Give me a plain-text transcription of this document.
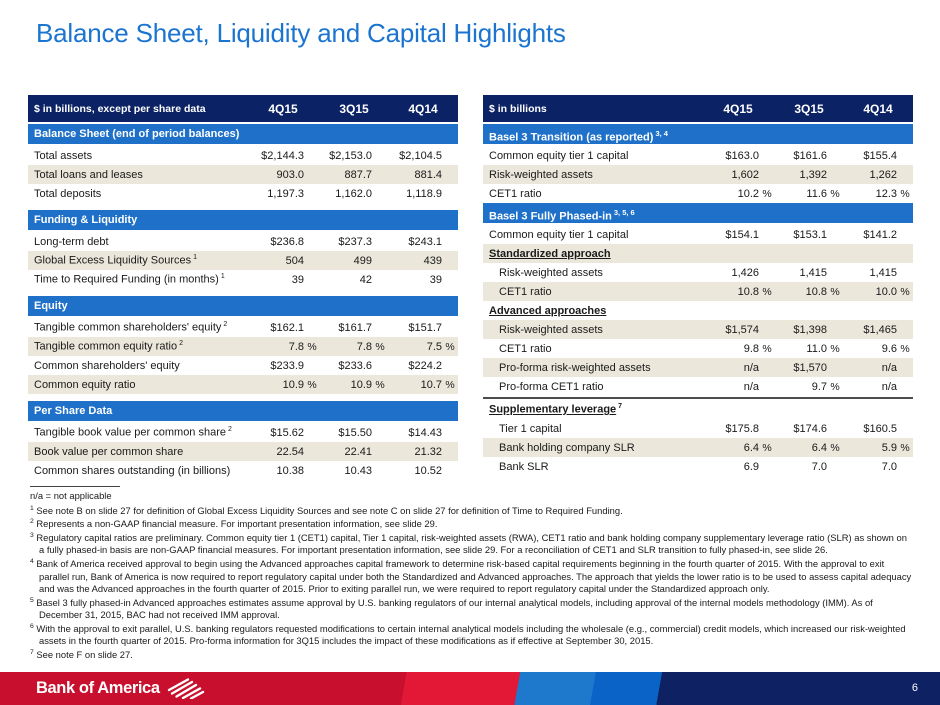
Balance Sheet, Liquidity and Capital Highlights
$ in billions, except per share data	4Q15	3Q15	4Q14
Balance Sheet (end of period balances)
Total assets	$2,144.3	$2,153.0	$2,104.5
Total loans and leases	903.0	887.7	881.4
Total deposits	1,197.3	1,162.0	1,118.9
Funding & Liquidity
Long-term debt	$236.8	$237.3	$243.1
Global Excess Liquidity Sources $^1$	504	499	439
Time to Required Funding (in months) $^1$	39	42	39
Equity
Tangible common shareholders' equity $^2$	$162.1	$161.7	$151.7
Tangible common equity ratio $^2$	7.8 %	7.8 %	7.5 %
Common shareholders' equity	$233.9	$233.6	$224.2
Common equity ratio	10.9 %	10.9 %	10.7 %
Per Share Data
Tangible book value per common share $^2$	$15.62	$15.50	$14.43
Book value per common share	22.54	22.41	21.32
Common shares outstanding (in billions)	10.38	10.43	10.52
$ in billions	4Q15	3Q15	4Q14
Basel 3 Transition (as reported) $^{3, 4}$
Common equity tier 1 capital	$163.0	$161.6	$155.4
Risk-weighted assets	1,602	1,392	1,262
CET1 ratio	10.2 %	11.6 %	12.3 %
Basel 3 Fully Phased-in $^{3, 5, 6}$
Common equity tier 1 capital	$154.1	$153.1	$141.2
Standardized approach
Risk-weighted assets	1,426	1,415	1,415
CET1 ratio	10.8 %	10.8 %	10.0 %
Advanced approaches
Risk-weighted assets	$1,574	$1,398	$1,465
CET1 ratio	9.8 %	11.0 %	9.6 %
Pro-forma risk-weighted assets	n/a	$1,570	n/a
Pro-forma CET1 ratio	n/a	9.7 %	n/a
Supplementary leverage $^7$
Tier 1 capital	$175.8	$174.6	$160.5
Bank holding company SLR	6.4 %	6.4 %	5.9 %
Bank SLR	6.9	7.0	7.0
n/a = not applicable
$^1$ See note B on slide 27 for definition of Global Excess Liquidity Sources and see note C on slide 27 for definition of Time to Required Funding.
$^2$ Represents a non-GAAP financial measure. For important presentation information, see slide 29.
$^3$ Regulatory capital ratios are preliminary. Common equity tier 1 (CET1) capital, Tier 1 capital, risk-weighted assets (RWA), CET1 ratio and bank holding company supplementary leverage ratio (SLR) as shown on a fully phased-in basis are non-GAAP financial measures. For important presentation information, see slide 29. For a reconciliation of CET1 and SLR transition to fully phased-in, see slide 26.
$^4$ Bank of America received approval to begin using the Advanced approaches capital framework to determine risk-based capital requirements beginning in the fourth quarter of 2015. With the approval to exit parallel run, Bank of America is now required to report regulatory capital under both the Standardized and Advanced approaches. The approach that yields the lower ratio is to be used to assess capital adequacy and was the Advanced approaches in the fourth quarter of 2015. Prior to exiting parallel run, we were required to report regulatory capital under the Standardized approach only.
$^5$ Basel 3 fully phased-in Advanced approaches estimates assume approval by U.S. banking regulators of our internal analytical models, including approval of the internal models methodology (IMM). As of December 31, 2015, BAC had not received IMM approval.
$^6$ With the approval to exit parallel, U.S. banking regulators requested modifications to certain internal analytical models including the wholesale (e.g., commercial) credit models, which increased our risk-weighted assets in the fourth quarter of 2015. Pro-forma information for 3Q15 includes the impact of these modifications as if effective at September 30, 2015.
$^7$ See note F on slide 27.
Bank of America	6
